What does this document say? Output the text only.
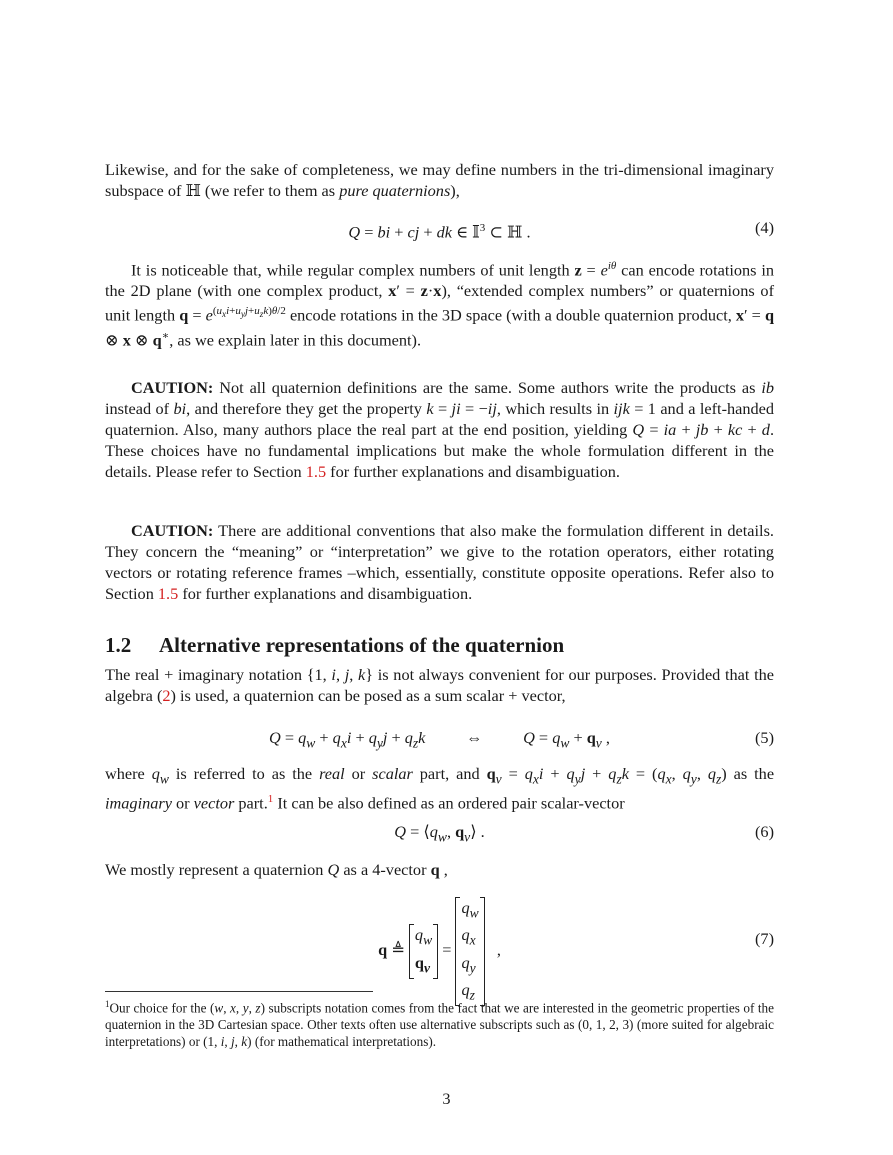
Likewise, and for the sake of completeness, we may define numbers in the tri-dimensional imaginary subspace of ℍ (we refer to them as pure quaternions),
Q = bi + cj + dk ∈ 𝕀$^3$ ⊂ ℍ .	(4)
It is noticeable that, while regular complex numbers of unit length $z = e^{i\theta}$ can encode rotations in the 2D plane (with one complex product, x′ = z·x), “extended complex numbers” or quaternions of unit length $q = e^{(u_xi+u_yj+u_zk)\theta/2}$ encode rotations in the 3D space (with a double quaternion product, x′ = q ⊗ x ⊗ q∗, as we explain later in this document).
CAUTION: Not all quaternion definitions are the same. Some authors write the products as ib instead of bi, and therefore they get the property k = ji = −ij, which results in ijk = 1 and a left-handed quaternion. Also, many authors place the real part at the end position, yielding Q = ia + jb + kc + d. These choices have no fundamental implications but make the whole formulation different in the details. Please refer to Section 1.5 for further explanations and disambiguation.
CAUTION: There are additional conventions that also make the formulation different in details. They concern the “meaning” or “interpretation” we give to the rotation operators, either rotating vectors or rotating reference frames –which, essentially, constitute opposite operations. Refer also to Section 1.5 for further explanations and disambiguation.
1.2 Alternative representations of the quaternion
The real + imaginary notation {1, i, j, k} is not always convenient for our purposes. Provided that the algebra (2) is used, a quaternion can be posed as a sum scalar + vector,
$Q = q_w + q_xi + q_yj + q_zk$          ⇔          $Q = q_w + q_v$ ,	(5)
where $q_w$ is referred to as the real or scalar part, and $q_v = q_xi + q_yj + q_zk = (q_x$, $q_y$, $q_z$) as the imaginary or vector part.$^1$ It can be also defined as an ordered pair scalar-vector
$Q = ⟨q_w$, $q_v⟩$ .	(6)
We mostly represent a quaternion Q as a 4-vector q ,
q ≜
$q_w$
$q_v$
=
$q_w$
$q_x$
$q_y$
$q_z$
,
(7)
$^1$Our choice for the (w, x, y, z) subscripts notation comes from the fact that we are interested in the geometric properties of the quaternion in the 3D Cartesian space. Other texts often use alternative subscripts such as (0, 1, 2, 3) (more suited for algebraic interpretations) or (1, i, j, k) (for mathematical interpretations).
3
